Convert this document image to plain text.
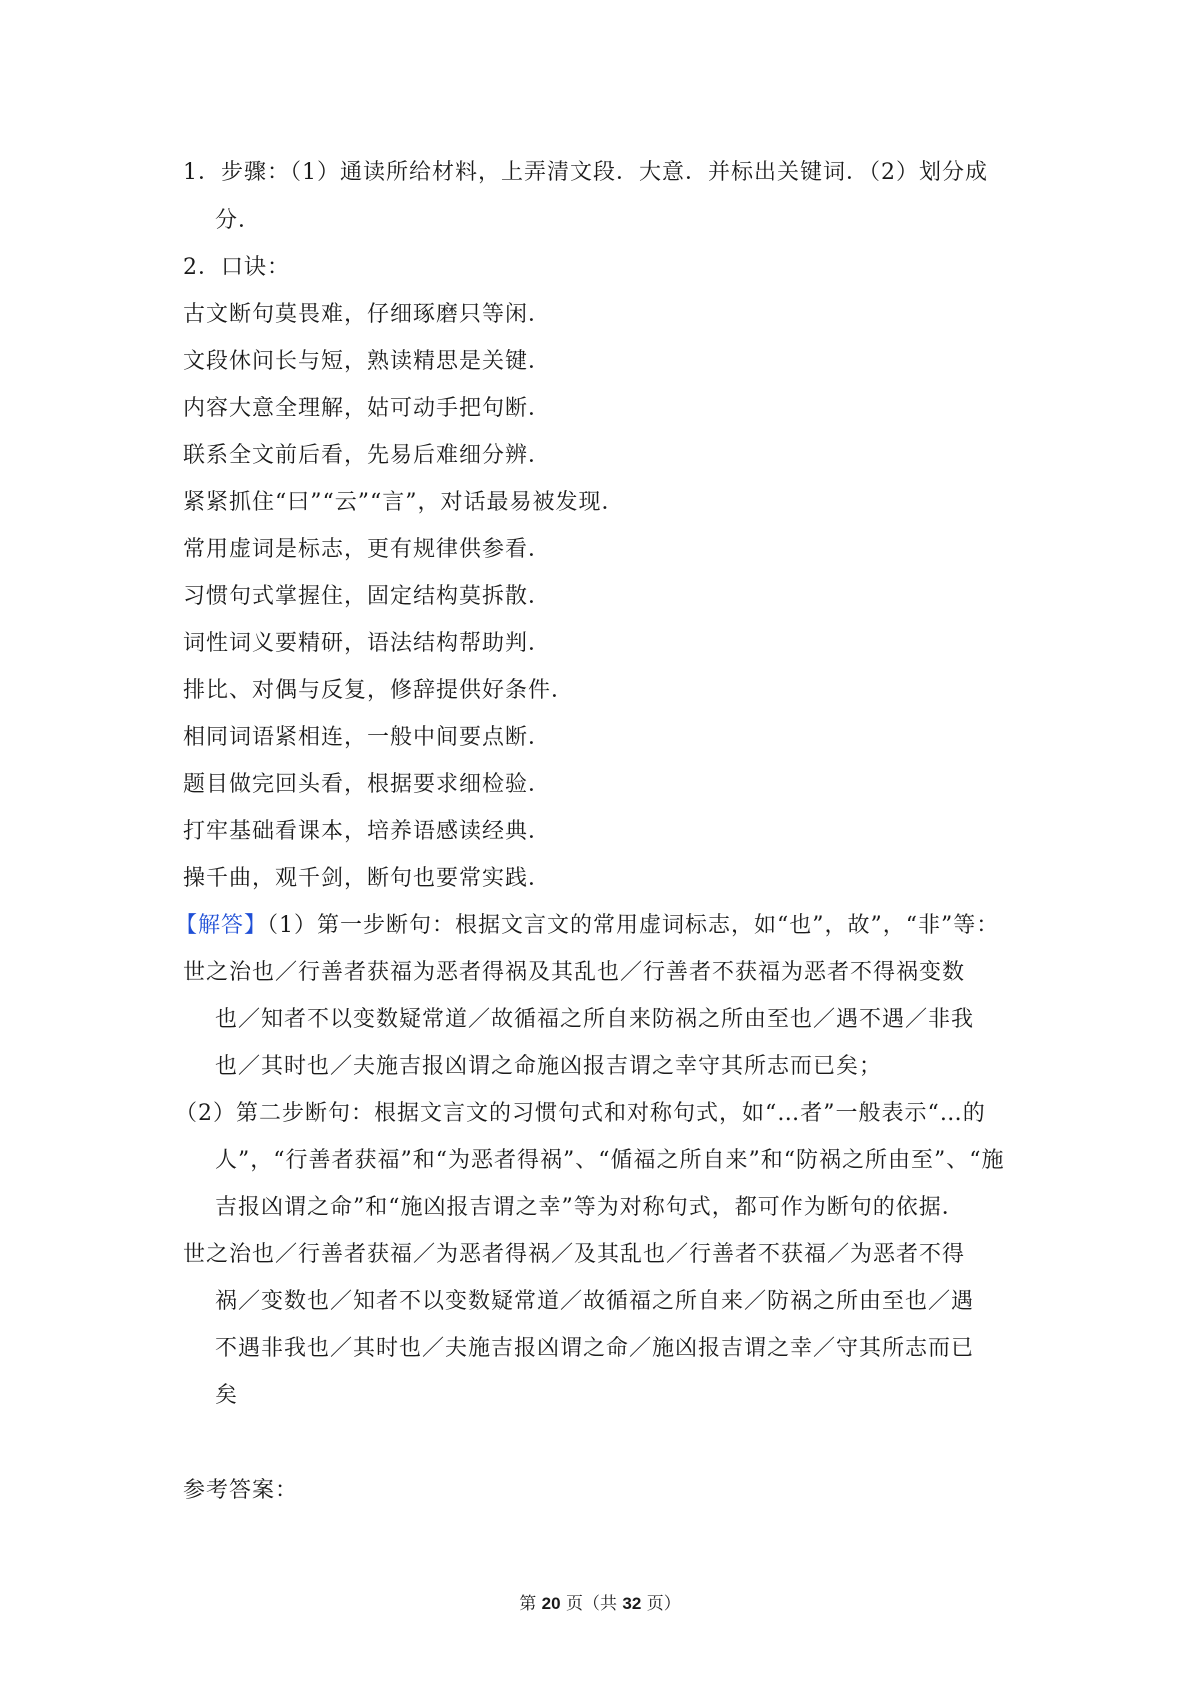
1．步骤：（1）通读所给材料，上弄清文段．大意．并标出关键词．（2）划分成
分．
2．口诀：
古文断句莫畏难，仔细琢磨只等闲．
文段休问长与短，熟读精思是关键．
内容大意全理解，姑可动手把句断．
联系全文前后看，先易后难细分辨．
紧紧抓住“曰”“云”“言”，对话最易被发现．
常用虚词是标志，更有规律供参看．
习惯句式掌握住，固定结构莫拆散．
词性词义要精研，语法结构帮助判．
排比、对偶与反复，修辞提供好条件．
相同词语紧相连，一般中间要点断．
题目做完回头看，根据要求细检验．
打牢基础看课本，培养语感读经典．
操千曲，观千剑，断句也要常实践．
【解答】（1）第一步断句：根据文言文的常用虚词标志，如“也”，故”，“非”等：
世之治也／行善者获福为恶者得祸及其乱也／行善者不获福为恶者不得祸变数
也／知者不以变数疑常道／故循福之所自来防祸之所由至也／遇不遇／非我
也／其时也／夫施吉报凶谓之命施凶报吉谓之幸守其所志而已矣；
（2）第二步断句：根据文言文的习惯句式和对称句式，如“…者”一般表示“…的
人”，“行善者获福”和“为恶者得祸”、“偱福之所自来”和“防祸之所由至”、“施
吉报凶谓之命”和“施凶报吉谓之幸”等为对称句式，都可作为断句的依据．
世之治也／行善者获福／为恶者得祸／及其乱也／行善者不获福／为恶者不得
祸／变数也／知者不以变数疑常道／故循福之所自来／防祸之所由至也／遇
不遇非我也／其时也／夫施吉报凶谓之命／施凶报吉谓之幸／守其所志而已
矣
参考答案：
第 20 页（共 32 页）
